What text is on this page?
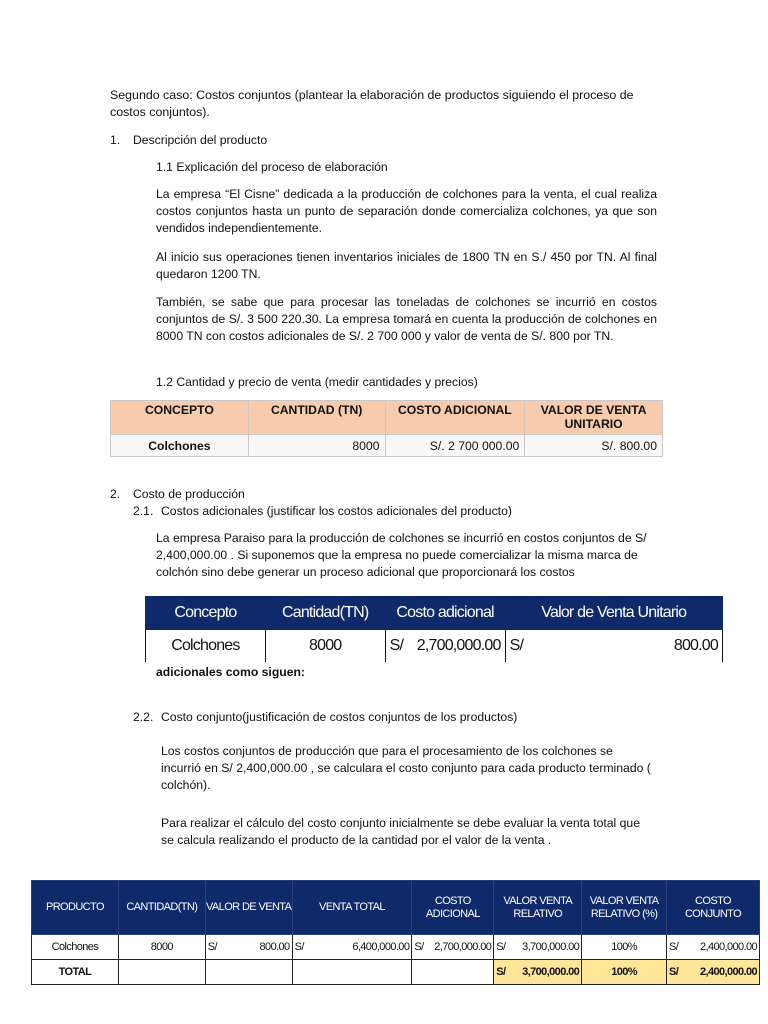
Segundo caso: Costos conjuntos (plantear la elaboración de productos siguiendo el proceso de costos conjuntos).
1. Descripción del producto
1.1 Explicación del proceso de elaboración
La empresa “El Cisne” dedicada a la producción de colchones para la venta, el cual realiza costos conjuntos hasta un punto de separación donde comercializa colchones, ya que son vendidos independientemente.
Al inicio sus operaciones tienen inventarios iniciales de 1800 TN en S./ 450 por TN. Al final quedaron 1200 TN.
También, se sabe que para procesar las toneladas de colchones se incurrió en costos conjuntos de S/. 3 500 220.30. La empresa tomará en cuenta la producción de colchones en 8000 TN con costos adicionales de S/. 2 700 000 y valor de venta de S/. 800 por TN.
1.2 Cantidad y precio de venta (medir cantidades y precios)
CONCEPTO	CANTIDAD (TN)	COSTO ADICIONAL	VALOR DE VENTA UNITARIO
Colchones	8000	S/. 2 700 000.00	S/. 800.00
2. Costo de producción
2.1. Costos adicionales (justificar los costos adicionales del producto)
La empresa Paraiso para la producción de colchones se incurrió en costos conjuntos de S/ 2,400,000.00 . Si suponemos que la empresa no puede comercializar la misma marca de colchón sino debe generar un proceso adicional que proporcionará los costos
Concepto	Cantidad(TN)	Costo adicional	Valor de Venta Unitario
Colchones	8000	S/ 2,700,000.00	S/ 800.00
adicionales como siguen:
2.2. Costo conjunto(justificación de costos conjuntos de los productos)
Los costos conjuntos de producción que para el procesamiento de los colchones se incurrió en S/ 2,400,000.00 , se calculara el costo conjunto para cada producto terminado ( colchón).
Para realizar el cálculo del costo conjunto inicialmente se debe evaluar la venta total que se calcula realizando el producto de la cantidad por el valor de la venta .
PRODUCTO	CANTIDAD(TN)	VALOR DE VENTA	VENTA TOTAL	COSTO ADICIONAL	VALOR VENTA RELATIVO	VALOR VENTA RELATIVO (%)	COSTO CONJUNTO
Colchones	8000	S/ 800.00	S/ 6,400,000.00	S/ 2,700,000.00	S/ 3,700,000.00	100%	S/ 2,400,000.00

TOTAL					S/ 3,700,000.00	100%	S/ 2,400,000.00
